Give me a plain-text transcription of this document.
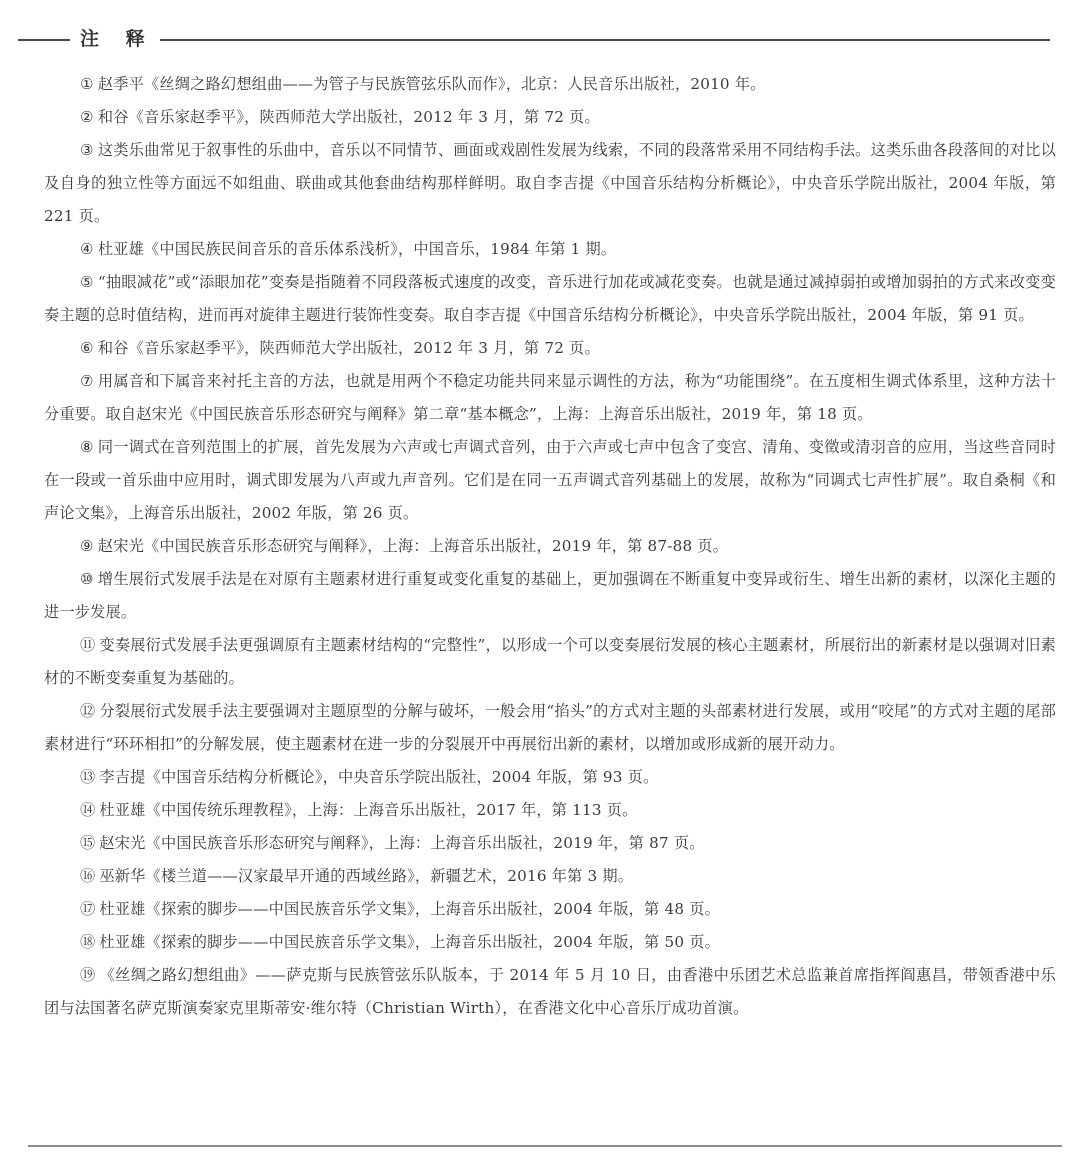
注 释

① 赵季平《丝绸之路幻想组曲——为管子与民族管弦乐队而作》，北京：人民音乐出版社，2010 年。

② 和谷《音乐家赵季平》，陕西师范大学出版社，2012 年 3 月，第 72 页。

③ 这类乐曲常见于叙事性的乐曲中，音乐以不同情节、画面或戏剧性发展为线索，不同的段落常采用不同结构手法。这类乐曲各段落间的对比以及自身的独立性等方面远不如组曲、联曲或其他套曲结构那样鲜明。取自李吉提《中国音乐结构分析概论》，中央音乐学院出版社，2004 年版，第 221 页。

④ 杜亚雄《中国民族民间音乐的音乐体系浅析》，中国音乐，1984 年第 1 期。

⑤ “抽眼减花”或“添眼加花”变奏是指随着不同段落板式速度的改变，音乐进行加花或减花变奏。也就是通过减掉弱拍或增加弱拍的方式来改变变奏主题的总时值结构，进而再对旋律主题进行装饰性变奏。取自李吉提《中国音乐结构分析概论》，中央音乐学院出版社，2004 年版，第 91 页。

⑥ 和谷《音乐家赵季平》，陕西师范大学出版社，2012 年 3 月，第 72 页。

⑦ 用属音和下属音来衬托主音的方法，也就是用两个不稳定功能共同来显示调性的方法，称为“功能围绕”。在五度相生调式体系里，这种方法十分重要。取自赵宋光《中国民族音乐形态研究与阐释》第二章“基本概念”，上海：上海音乐出版社，2019 年，第 18 页。

⑧ 同一调式在音列范围上的扩展，首先发展为六声或七声调式音列，由于六声或七声中包含了变宫、清角、变徵或清羽音的应用，当这些音同时在一段或一首乐曲中应用时，调式即发展为八声或九声音列。它们是在同一五声调式音列基础上的发展，故称为“同调式七声性扩展”。取自桑桐《和声论文集》，上海音乐出版社，2002 年版，第 26 页。

⑨ 赵宋光《中国民族音乐形态研究与阐释》，上海：上海音乐出版社，2019 年，第 87-88 页。

⑩ 增生展衍式发展手法是在对原有主题素材进行重复或变化重复的基础上，更加强调在不断重复中变异或衍生、增生出新的素材，以深化主题的进一步发展。

⑪ 变奏展衍式发展手法更强调原有主题素材结构的“完整性”，以形成一个可以变奏展衍发展的核心主题素材，所展衍出的新素材是以强调对旧素材的不断变奏重复为基础的。

⑫ 分裂展衍式发展手法主要强调对主题原型的分解与破坏，一般会用“掐头”的方式对主题的头部素材进行发展，或用“咬尾”的方式对主题的尾部素材进行“环环相扣”的分解发展，使主题素材在进一步的分裂展开中再展衍出新的素材，以增加或形成新的展开动力。

⑬ 李吉提《中国音乐结构分析概论》，中央音乐学院出版社，2004 年版，第 93 页。

⑭ 杜亚雄《中国传统乐理教程》，上海：上海音乐出版社，2017 年，第 113 页。

⑮ 赵宋光《中国民族音乐形态研究与阐释》，上海：上海音乐出版社，2019 年，第 87 页。

⑯ 巫新华《楼兰道——汉家最早开通的西域丝路》，新疆艺术，2016 年第 3 期。

⑰ 杜亚雄《探索的脚步——中国民族音乐学文集》，上海音乐出版社，2004 年版，第 48 页。

⑱ 杜亚雄《探索的脚步——中国民族音乐学文集》，上海音乐出版社，2004 年版，第 50 页。

⑲ 《丝绸之路幻想组曲》——萨克斯与民族管弦乐队版本，于 2014 年 5 月 10 日，由香港中乐团艺术总监兼首席指挥阎惠昌，带领香港中乐团与法国著名萨克斯演奏家克里斯蒂安·维尔特（Christian Wirth），在香港文化中心音乐厅成功首演。
